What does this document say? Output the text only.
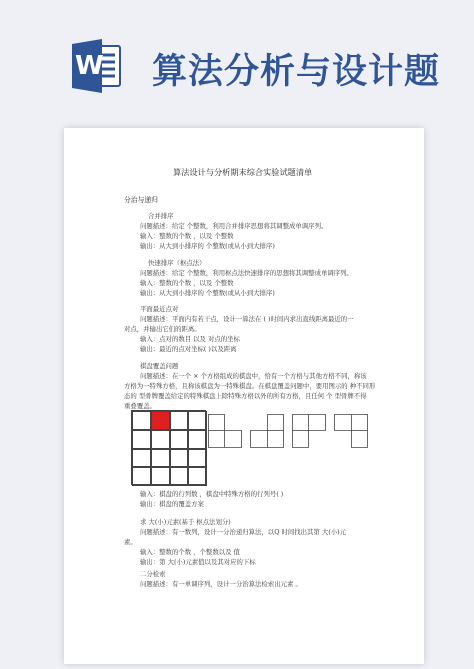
W 算法分析与设计题
算法设计与分析期末综合实验试题清单
分治与递归
合并排序
问题描述：给定 个整数，利用合并排序思想将其调整成单调序列。
输入：整数的个数 ，以及 个整数
输出：从大到小排序的 个整数(或从小到大排序)
快速排序（枢点法）
问题描述：给定 个整数，利用枢点法快速排序的思想将其调整成单调序列。
输入：整数的个数 ，以及 个整数
输出：从大到小排序的 个整数(或从小到大排序)
平面最近点对
问题描述：平面内有若干点，设计一算法在 ( )时间内求出直线距离最近的一
对点，并输出它们的距离。
输入：点对的数目 以及 对点的坐标
输出：最近的点对坐标( )以及距离
棋盘覆盖问题
问题描述：在一个 × 个方格组成的棋盘中，恰有一个方格与其他方格不同，称该
方格为一特殊方格，且称该棋盘为一特殊棋盘。在棋盘覆盖问题中，要用图示的 种不同形
态的 型骨牌覆盖给定的特殊棋盘上除特殊方格以外的所有方格，且任何 个 型骨牌不得
重叠覆盖。
输入：棋盘的行列数 ，棋盘中特殊方格的行列号( )
输出：棋盘的覆盖方案
求 大(小)元素(基于 枢点法划分)
问题描述：有一数列，设计一分治递归算法，以Q 时间找出其第 大(小)元
素。
输入：整数的个数 ，个整数以及 值
输出：第 大(小)元素值以及其对应的下标
二分检索
问题描述：有一单调序列，设计一分治算法检索出元素 。
